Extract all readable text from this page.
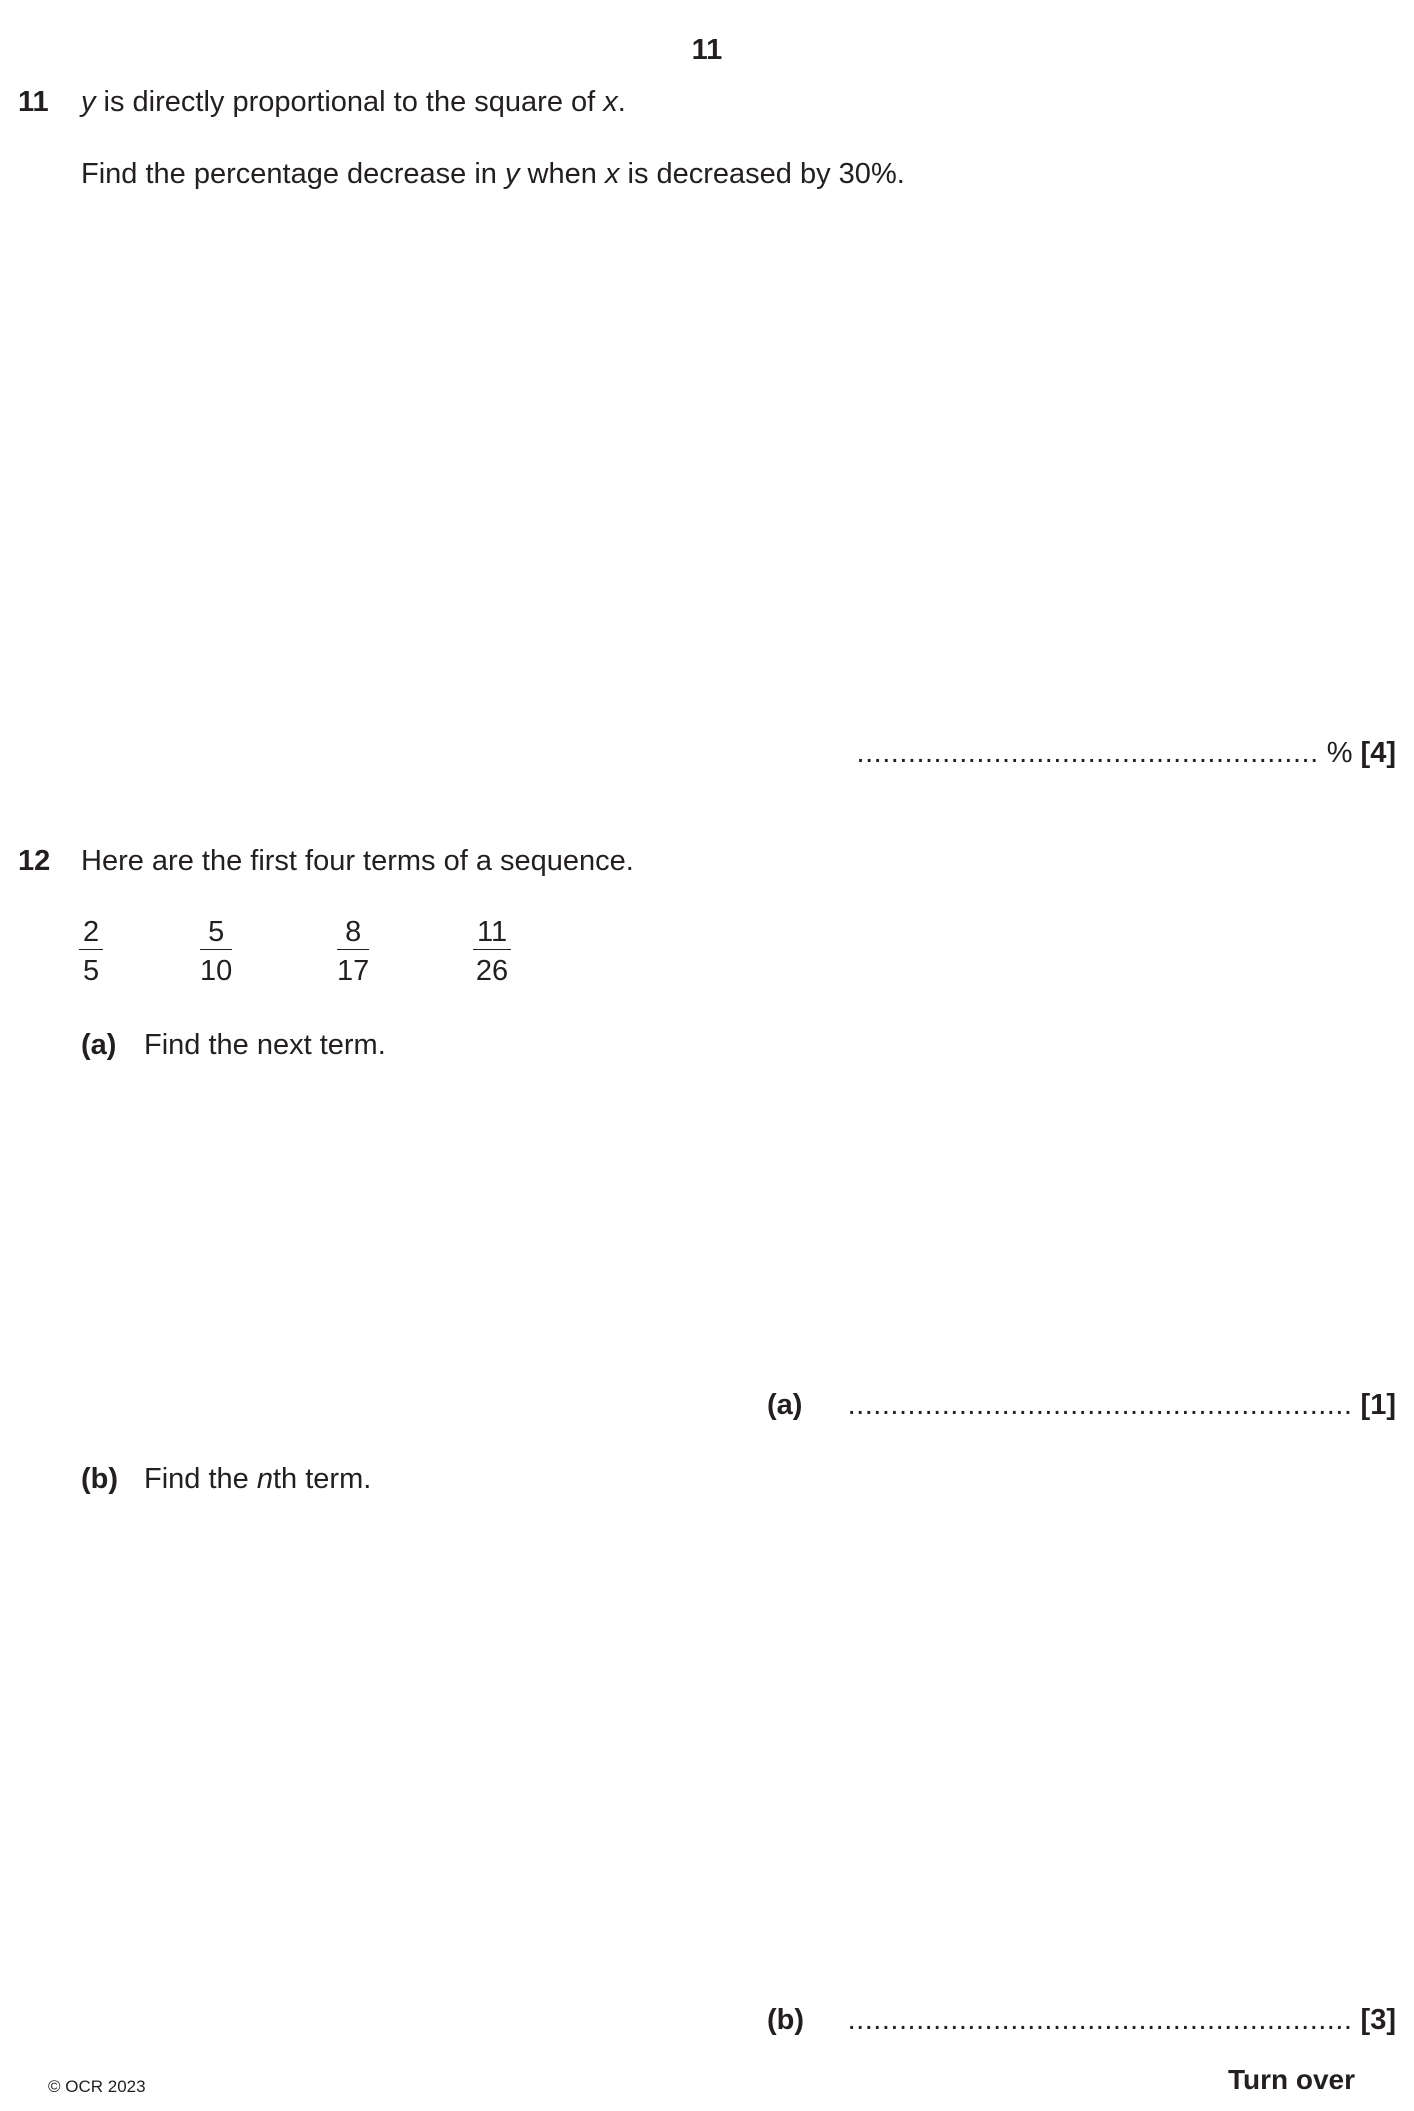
11
11 y is directly proportional to the square of x.
Find the percentage decrease in y when x is decreased by 30%.
...................................................... % [4]
12 Here are the first four terms of a sequence.
$\frac{2}{5}$	$\frac{5}{10}$	$\frac{8}{17}$	$\frac{11}{26}$
(a) Find the next term.
(a) ........................................................... [1]
(b) Find the nth term.
(b) ........................................................... [3]
© OCR 2023	Turn over
